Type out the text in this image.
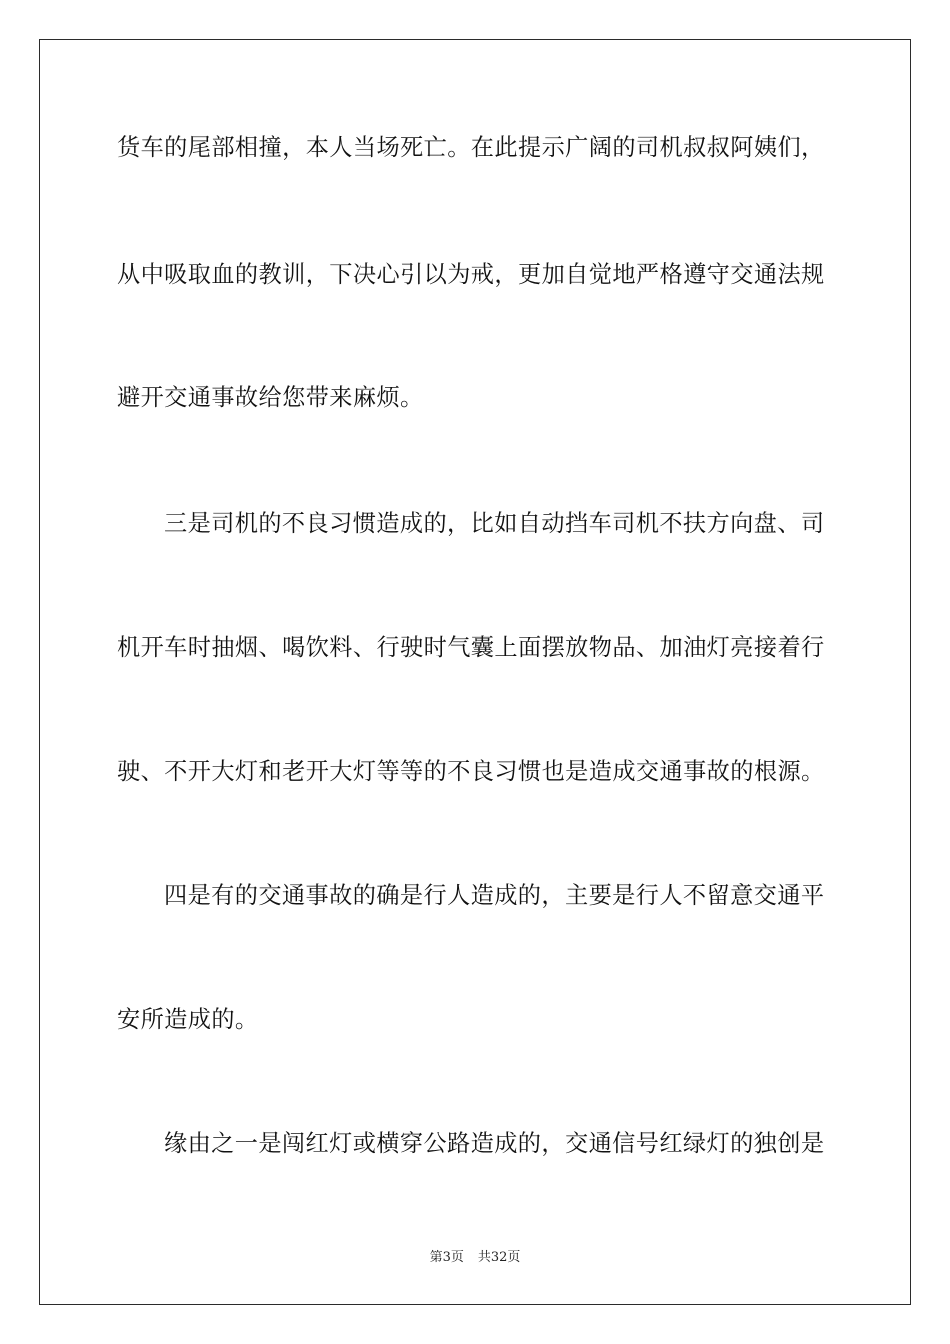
货车的尾部相撞，本人当场死亡。在此提示广阔的司机叔叔阿姨们，
从中吸取血的教训，下决心引以为戒，更加自觉地严格遵守交通法规
避开交通事故给您带来麻烦。
三是司机的不良习惯造成的，比如自动挡车司机不扶方向盘、司
机开车时抽烟、喝饮料、行驶时气囊上面摆放物品、加油灯亮接着行
驶、不开大灯和老开大灯等等的不良习惯也是造成交通事故的根源。
四是有的交通事故的确是行人造成的，主要是行人不留意交通平
安所造成的。
缘由之一是闯红灯或横穿公路造成的，交通信号红绿灯的独创是
第3页 共32页
